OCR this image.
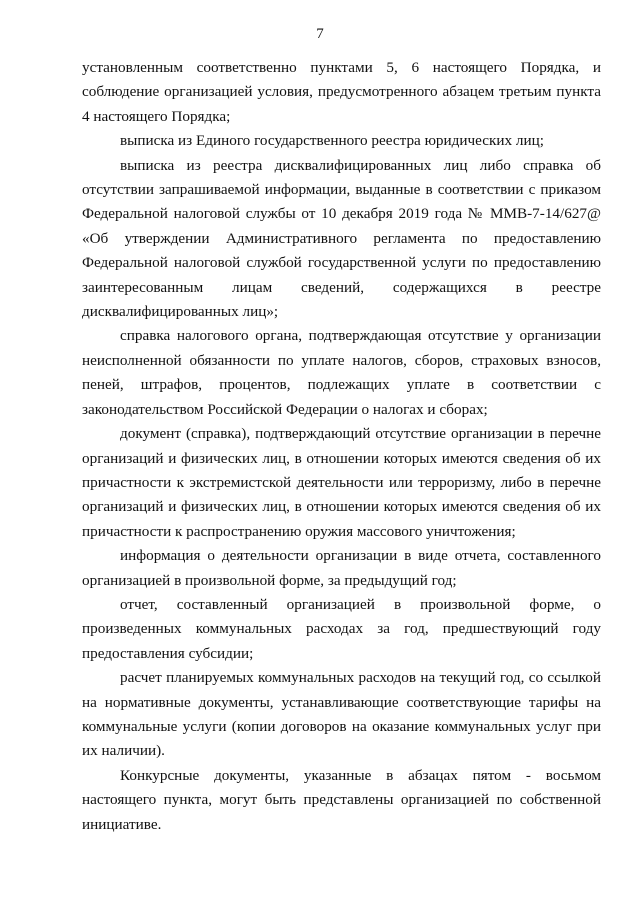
7

установленным соответственно пунктами 5, 6 настоящего Порядка, и соблюдение организацией условия, предусмотренного абзацем третьим пункта 4 настоящего Порядка;

выписка из Единого государственного реестра юридических лиц;

выписка из реестра дисквалифицированных лиц либо справка об отсутствии запрашиваемой информации, выданные в соответствии с приказом Федеральной налоговой службы от 10 декабря 2019 года № ММВ-7-14/627@ «Об утверждении Административного регламента по предоставлению Федеральной налоговой службой государственной услуги по предоставлению заинтересованным лицам сведений, содержащихся в реестре дисквалифицированных лиц»;

справка налогового органа, подтверждающая отсутствие у организации неисполненной обязанности по уплате налогов, сборов, страховых взносов, пеней, штрафов, процентов, подлежащих уплате в соответствии с законодательством Российской Федерации о налогах и сборах;

документ (справка), подтверждающий отсутствие организации в перечне организаций и физических лиц, в отношении которых имеются сведения об их причастности к экстремистской деятельности или терроризму, либо в перечне организаций и физических лиц, в отношении которых имеются сведения об их причастности к распространению оружия массового уничтожения;

информация о деятельности организации в виде отчета, составленного организацией в произвольной форме, за предыдущий год;

отчет, составленный организацией в произвольной форме, о произведенных коммунальных расходах за год, предшествующий году предоставления субсидии;

расчет планируемых коммунальных расходов на текущий год, со ссылкой на нормативные документы, устанавливающие соответствующие тарифы на коммунальные услуги (копии договоров на оказание коммунальных услуг при их наличии).

Конкурсные документы, указанные в абзацах пятом - восьмом настоящего пункта, могут быть представлены организацией по собственной инициативе.
